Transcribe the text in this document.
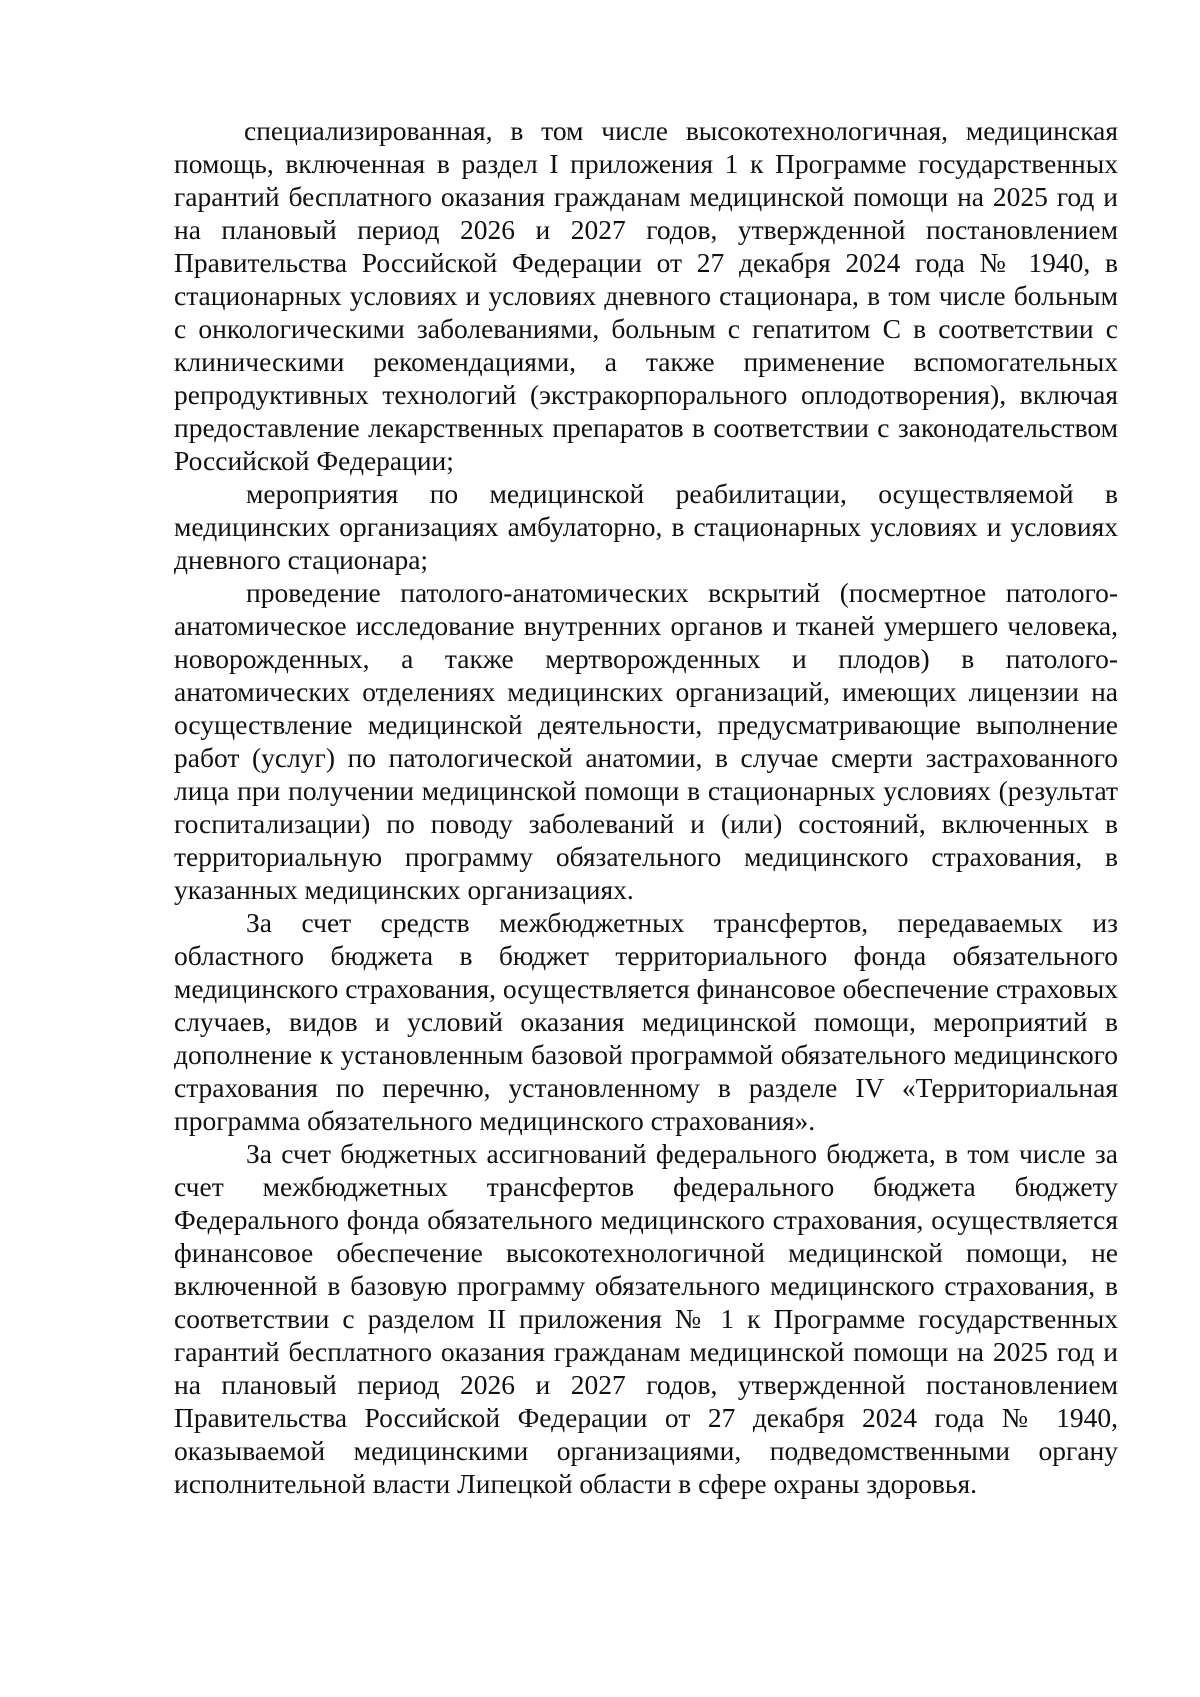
специализированная, в том числе высокотехнологичная, медицинская помощь, включенная в раздел I приложения 1 к Программе государственных гарантий бесплатного оказания гражданам медицинской помощи на 2025 год и на плановый период 2026 и 2027 годов, утвержденной постановлением Правительства Российской Федерации от 27 декабря 2024 года № 1940, в стационарных условиях и условиях дневного стационара, в том числе больным с онкологическими заболеваниями, больным с гепатитом С в соответствии с клиническими рекомендациями, а также применение вспомогательных репродуктивных технологий (экстракорпорального оплодотворения), включая предоставление лекарственных препаратов в соответствии с законодательством Российской Федерации;

мероприятия по медицинской реабилитации, осуществляемой в медицинских организациях амбулаторно, в стационарных условиях и условиях дневного стационара;

проведение патолого-анатомических вскрытий (посмертное патолого-анатомическое исследование внутренних органов и тканей умершего человека, новорожденных, а также мертворожденных и плодов) в патолого-анатомических отделениях медицинских организаций, имеющих лицензии на осуществление медицинской деятельности, предусматривающие выполнение работ (услуг) по патологической анатомии, в случае смерти застрахованного лица при получении медицинской помощи в стационарных условиях (результат госпитализации) по поводу заболеваний и (или) состояний, включенных в территориальную программу обязательного медицинского страхования, в указанных медицинских организациях.

За счет средств межбюджетных трансфертов, передаваемых из областного бюджета в бюджет территориального фонда обязательного медицинского страхования, осуществляется финансовое обеспечение страховых случаев, видов и условий оказания медицинской помощи, мероприятий в дополнение к установленным базовой программой обязательного медицинского страхования по перечню, установленному в разделе IV «Территориальная программа обязательного медицинского страхования».

За счет бюджетных ассигнований федерального бюджета, в том числе за счет межбюджетных трансфертов федерального бюджета бюджету Федерального фонда обязательного медицинского страхования, осуществляется финансовое обеспечение высокотехнологичной медицинской помощи, не включенной в базовую программу обязательного медицинского страхования, в соответствии с разделом II приложения № 1 к Программе государственных гарантий бесплатного оказания гражданам медицинской помощи на 2025 год и на плановый период 2026 и 2027 годов, утвержденной постановлением Правительства Российской Федерации от 27 декабря 2024 года № 1940, оказываемой медицинскими организациями, подведомственными органу исполнительной власти Липецкой области в сфере охраны здоровья.
